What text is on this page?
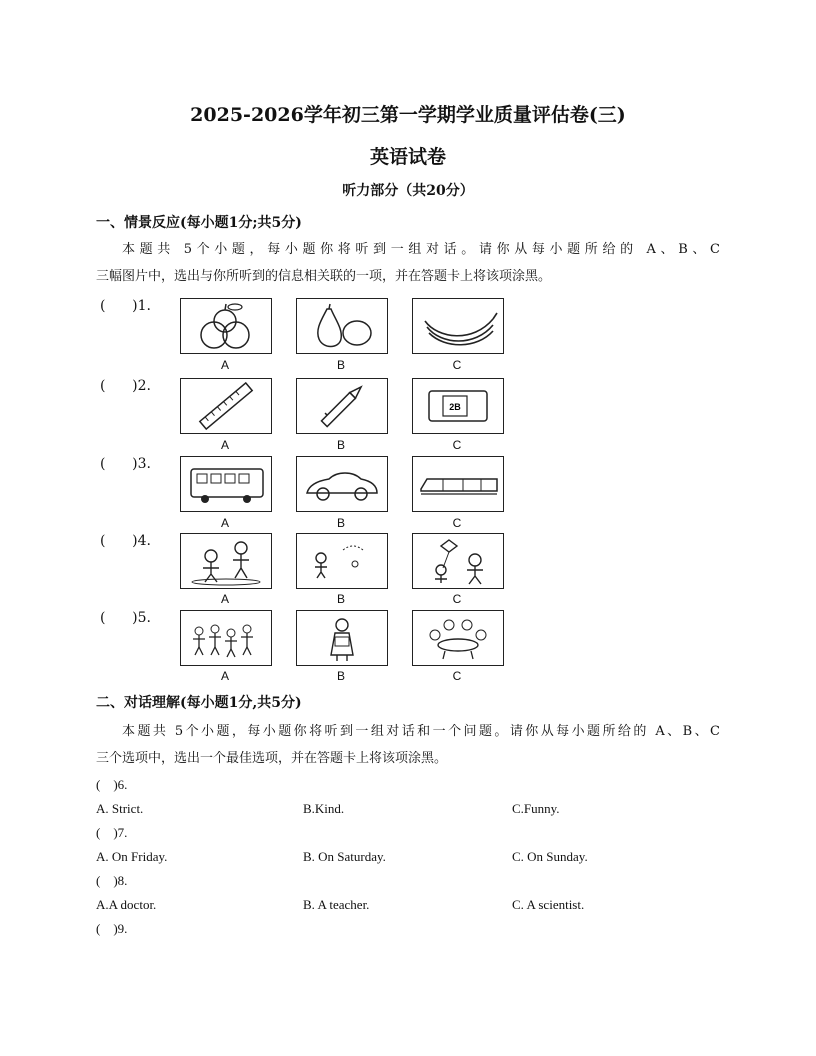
2025-2026学年初三第一学期学业质量评估卷(三)
英语试卷
听力部分（共20分）
一、情景反应(每小题1分;共5分)
本题共 5个小题，每小题你将听到一组对话。请你从每小题所给的 A、B、C
三幅图片中，选出与你所听到的信息相关联的一项，并在答题卡上将该项涂黑。
(      )1.
A	B	C
(      )2.
2B
A	B	C
(      )3.
A	B	C
(      )4.
A	B	C
(      )5.
A	B	C
二、对话理解(每小题1分,共5分)
本题共 5个小题，每小题你将听到一组对话和一个问题。请你从每小题所给的 A、B、C
三个选项中，选出一个最佳选项，并在答题卡上将该项涂黑。
(    )6.
A. Strict.	B.Kind.	C.Funny.
(    )7.
A. On Friday.	B. On Saturday.	C. On Sunday.
(    )8.
A.A doctor.	B. A teacher.	C. A scientist.
(    )9.
